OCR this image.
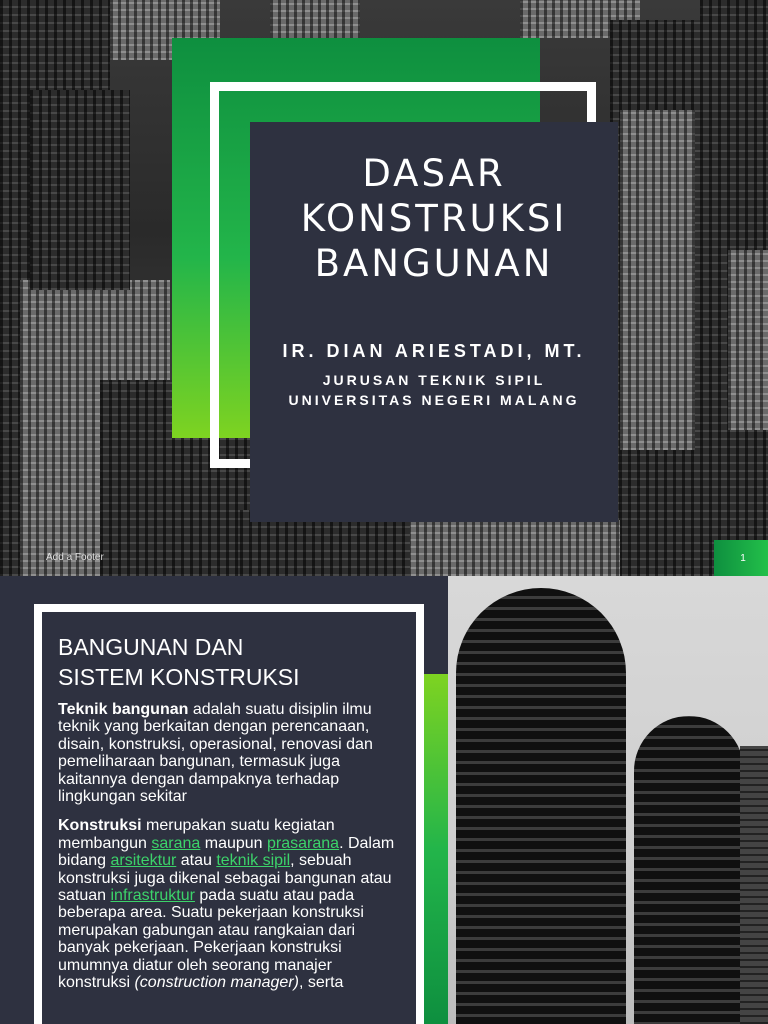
DASAR
KONSTRUKSI
BANGUNAN
IR. DIAN ARIESTADI, MT.
JURUSAN TEKNIK SIPIL
UNIVERSITAS NEGERI MALANG
Add a Footer	1
BANGUNAN DAN
SISTEM KONSTRUKSI

Teknik bangunan adalah suatu disiplin ilmu teknik yang berkaitan dengan perencanaan, disain, konstruksi, operasional, renovasi dan pemeliharaan bangunan, termasuk juga kaitannya dengan dampaknya terhadap lingkungan sekitar

Konstruksi merupakan suatu kegiatan membangun sarana maupun prasarana. Dalam bidang arsitektur atau teknik sipil, sebuah konstruksi juga dikenal sebagai bangunan atau satuan infrastruktur pada suatu atau pada beberapa area. Suatu pekerjaan konstruksi merupakan gabungan atau rangkaian dari banyak pekerjaan. Pekerjaan konstruksi umumnya diatur oleh seorang manajer konstruksi (construction manager), serta
